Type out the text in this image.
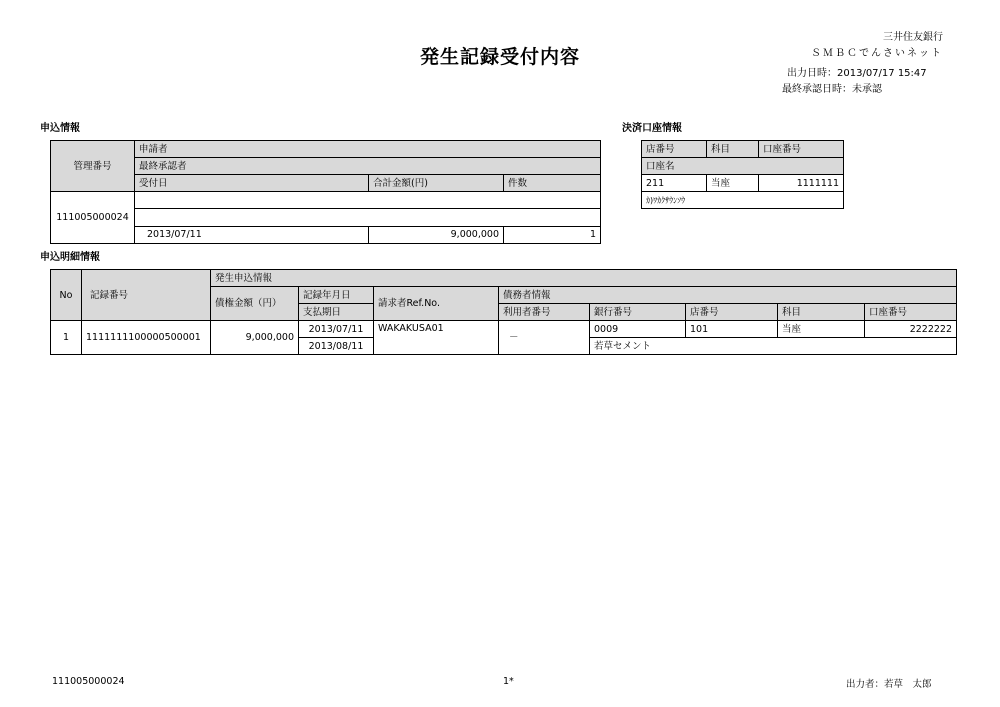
発生記録受付内容
三井住友銀行
ＳＭＢＣでんさいネット
出力日時：2013/07/17 15:47
最終承認日時：未承認
申込情報
管理番号	申請者		
	最終承認者		
	受付日	合計金額(円)	件数
111005000024			

	2013/07/11	9,000,000	1
決済口座情報
店番号	科目	口座番号
口座名		
211	当座	1111111
ｶ)ﾜｶｸｻｳﾝｿｳ		
申込明細情報
No	記録番号	発生申込情報							
		債権金額（円）	記録年月日	請求者Ref.No.	債務者情報				
			支払期日		利用者番号	銀行番号	店番号	科目	口座番号

1	1111111100000500001	9,000,000	2013/07/11	WAKAKUSA01	－	0009	101	当座	2222222
			2013/08/11			若草セメント			
111005000024	1*	出力者：若草　太郎
